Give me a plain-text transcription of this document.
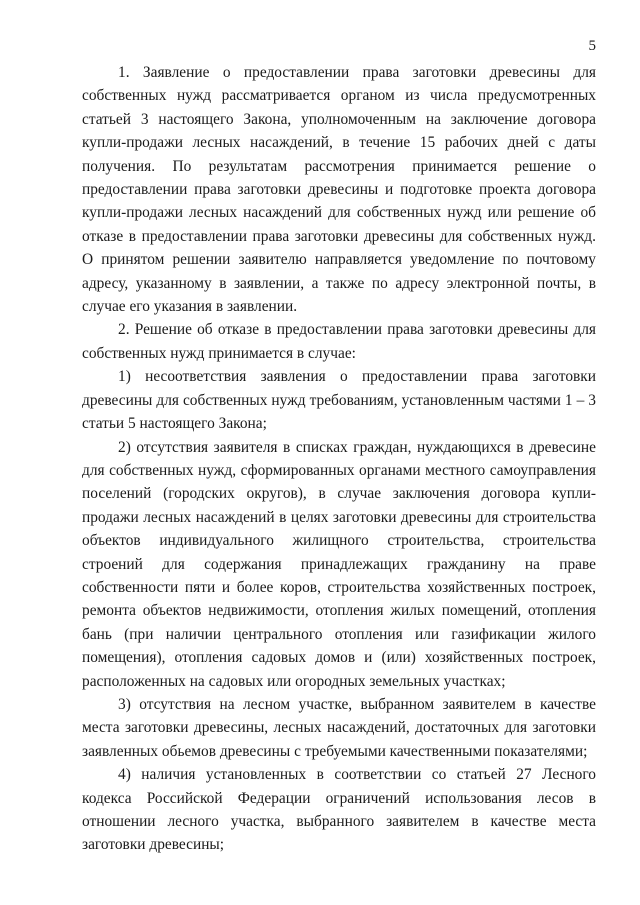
5

1. Заявление о предоставлении права заготовки древесины для собственных нужд рассматривается органом из числа предусмотренных статьей 3 настоящего Закона, уполномоченным на заключение договора купли-продажи лесных насаждений, в течение 15 рабочих дней с даты получения. По результатам рассмотрения принимается решение о предоставлении права заготовки древесины и подготовке проекта договора купли-продажи лесных насаждений для собственных нужд или решение об отказе в предоставлении права заготовки древесины для собственных нужд. О принятом решении заявителю направляется уведомление по почтовому адресу, указанному в заявлении, а также по адресу электронной почты, в случае его указания в заявлении.

2. Решение об отказе в предоставлении права заготовки древесины для собственных нужд принимается в случае:

1) несоответствия заявления о предоставлении права заготовки древесины для собственных нужд требованиям, установленным частями 1 – 3 статьи 5 настоящего Закона;

2) отсутствия заявителя в списках граждан, нуждающихся в древесине для собственных нужд, сформированных органами местного самоуправления поселений (городских округов), в случае заключения договора купли-продажи лесных насаждений в целях заготовки древесины для строительства объектов индивидуального жилищного строительства, строительства строений для содержания принадлежащих гражданину на праве собственности пяти и более коров, строительства хозяйственных построек, ремонта объектов недвижимости, отопления жилых помещений, отопления бань (при наличии центрального отопления или газификации жилого помещения), отопления садовых домов и (или) хозяйственных построек, расположенных на садовых или огородных земельных участках;

3) отсутствия на лесном участке, выбранном заявителем в качестве места заготовки древесины, лесных насаждений, достаточных для заготовки заявленных обьемов древесины с требуемыми качественными показателями;

4) наличия установленных в соответствии со статьей 27 Лесного кодекса Российской Федерации ограничений использования лесов в отношении лесного участка, выбранного заявителем в качестве места заготовки древесины;
